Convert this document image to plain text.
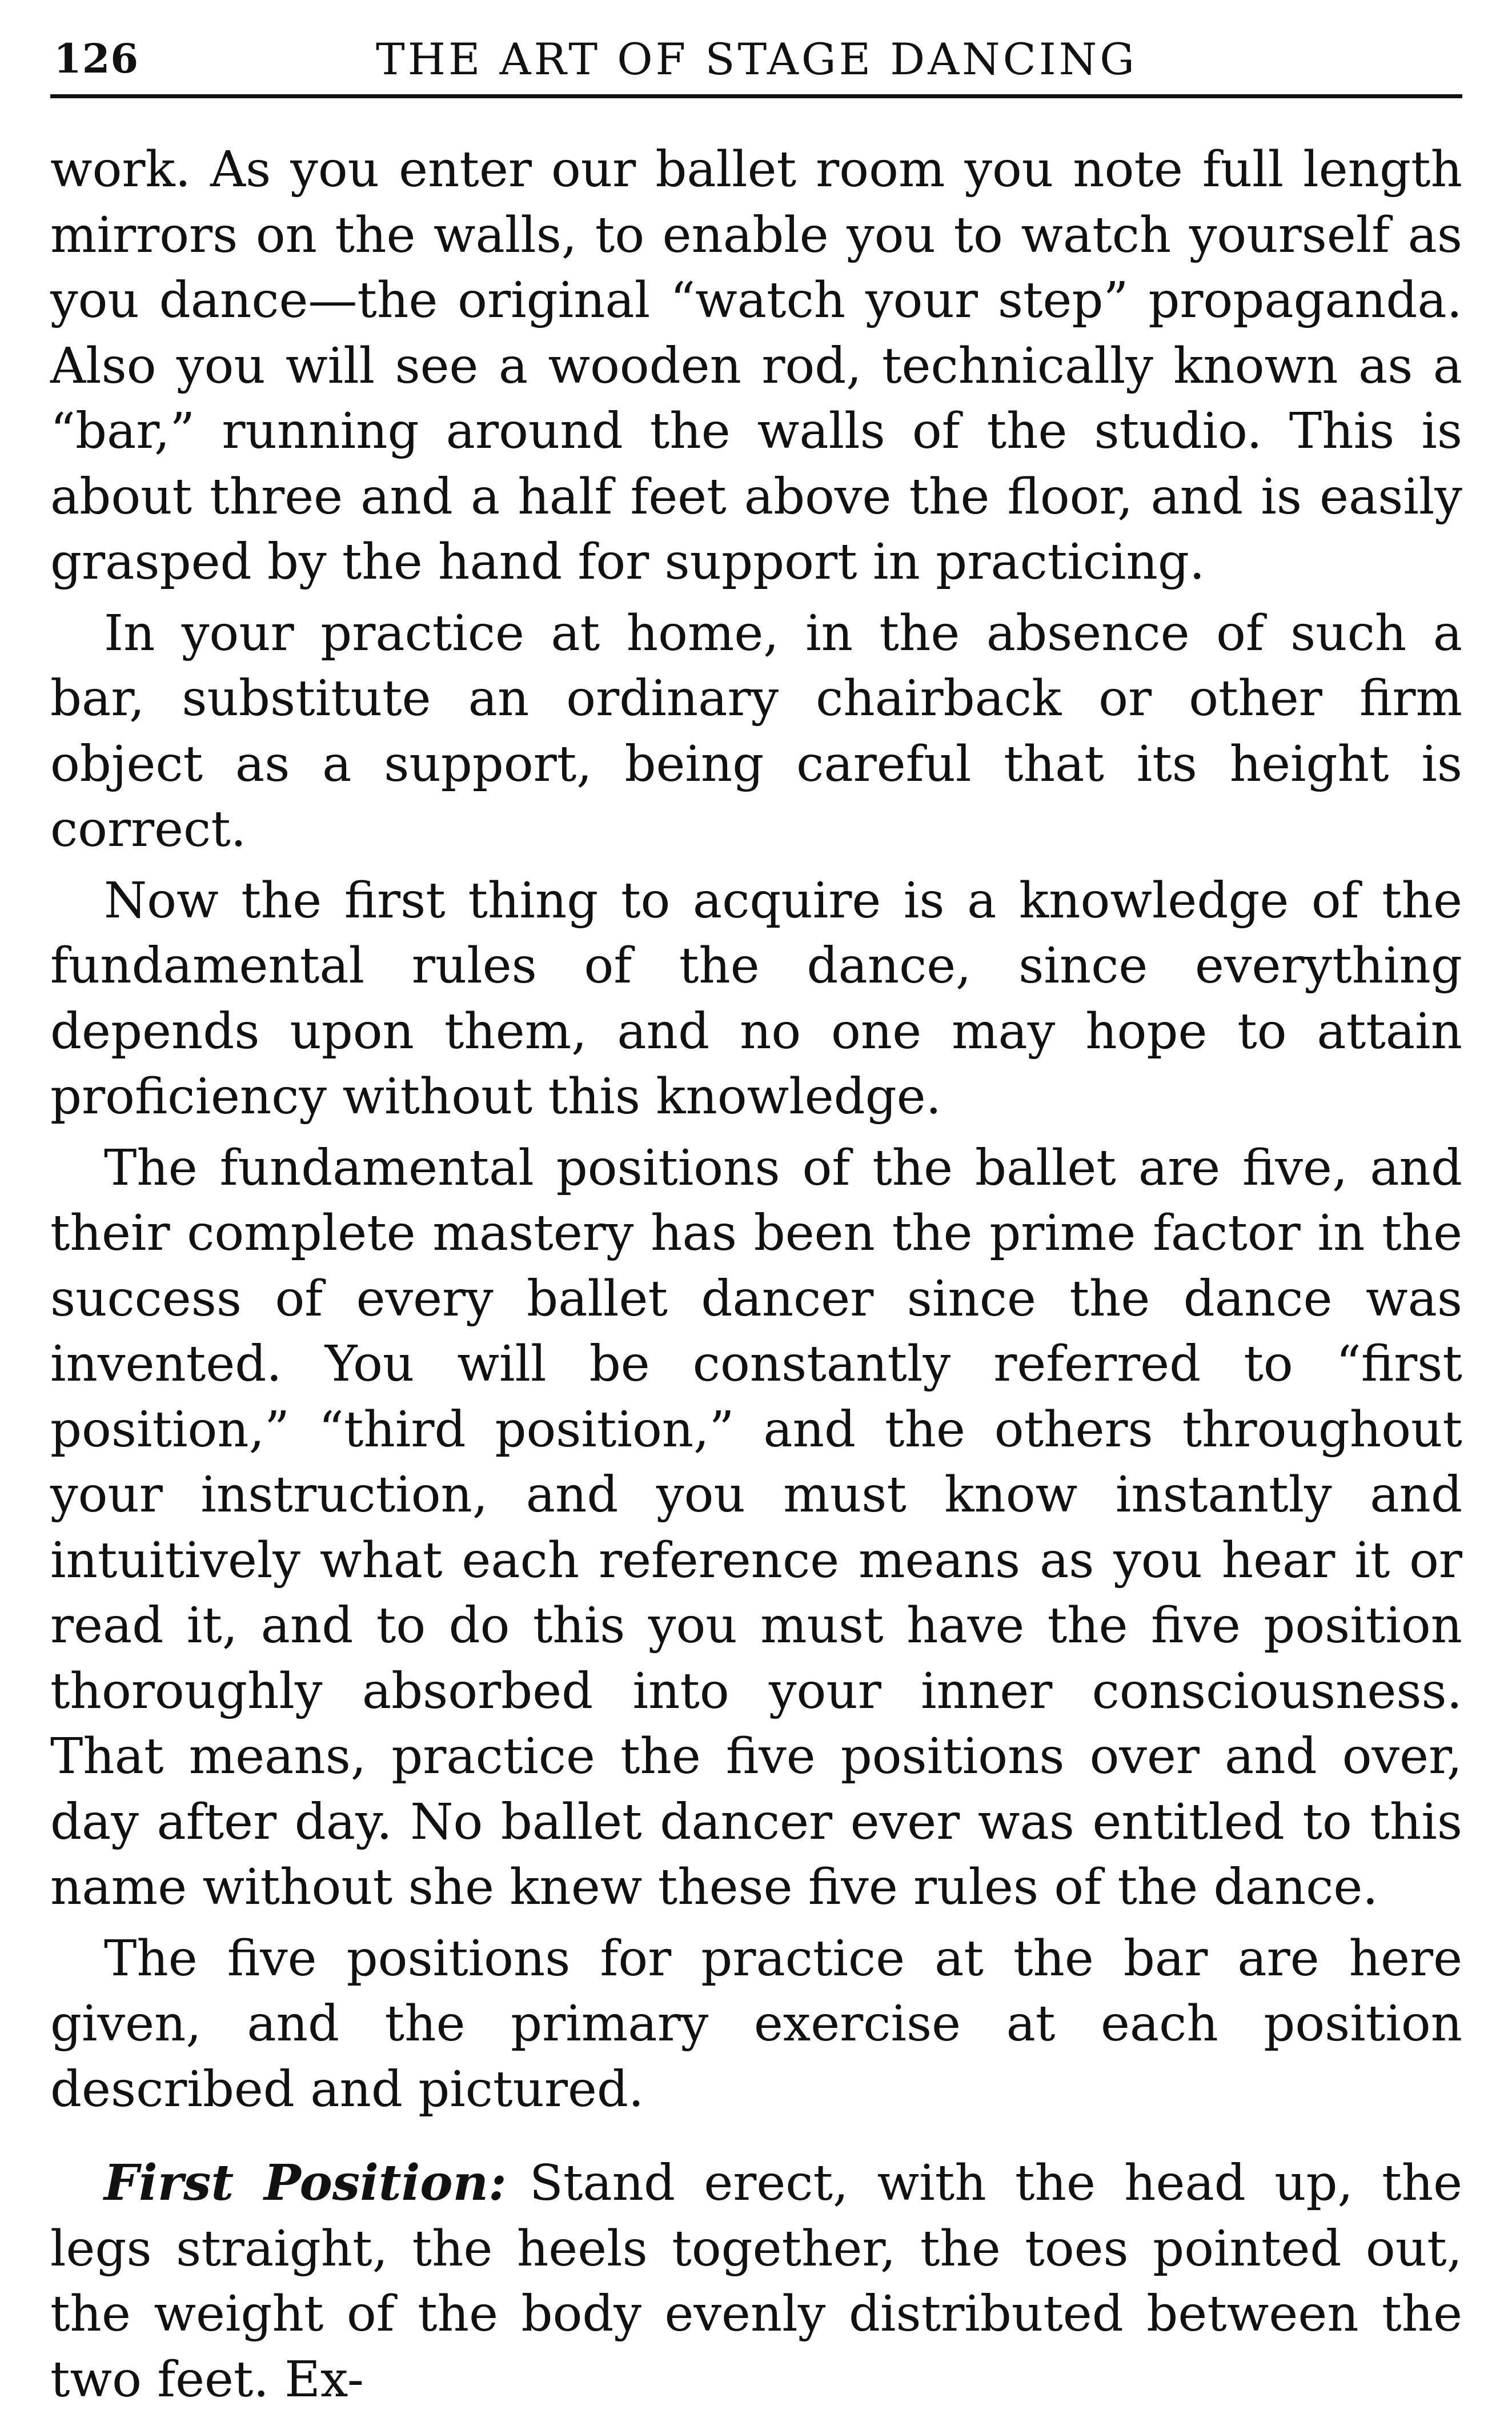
126	THE ART OF STAGE DANCING

work. As you enter our ballet room you note full length mirrors on the walls, to enable you to watch yourself as you dance—the original “watch your step” propaganda. Also you will see a wooden rod, technically known as a “bar,” running around the walls of the studio. This is about three and a half feet above the floor, and is easily grasped by the hand for support in practicing.

In your practice at home, in the absence of such a bar, substitute an ordinary chairback or other firm object as a support, being careful that its height is correct.

Now the first thing to acquire is a knowledge of the fundamental rules of the dance, since everything depends upon them, and no one may hope to attain proficiency without this knowledge.

The fundamental positions of the ballet are five, and their complete mastery has been the prime factor in the success of every ballet dancer since the dance was invented. You will be constantly referred to “first position,” “third position,” and the others throughout your instruction, and you must know instantly and intuitively what each reference means as you hear it or read it, and to do this you must have the five position thoroughly absorbed into your inner consciousness. That means, practice the five positions over and over, day after day. No ballet dancer ever was entitled to this name without she knew these five rules of the dance.

The five positions for practice at the bar are here given, and the primary exercise at each position described and pictured.

First Position: Stand erect, with the head up, the legs straight, the heels together, the toes pointed out, the weight of the body evenly distributed between the two feet. Ex-
